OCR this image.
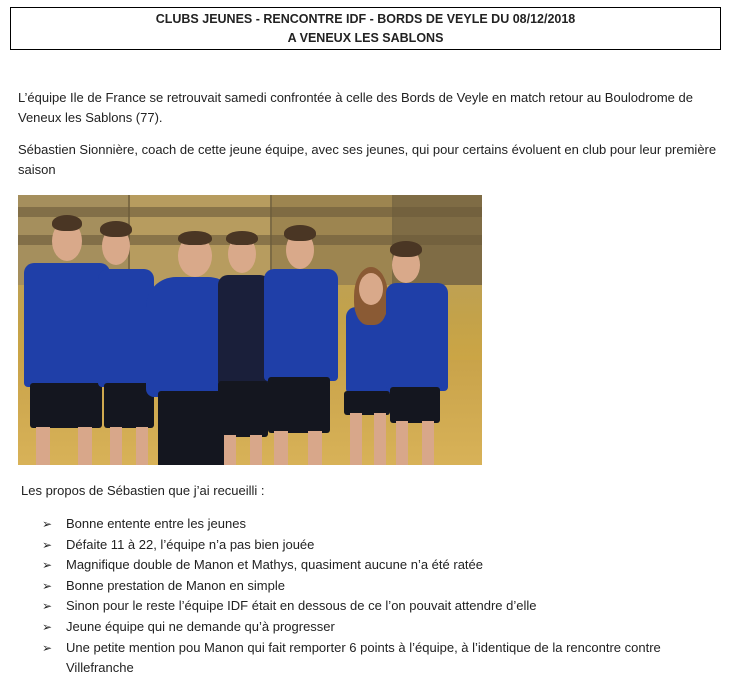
CLUBS JEUNES - RENCONTRE IDF - BORDS DE VEYLE DU 08/12/2018
A VENEUX LES SABLONS
L’équipe Ile de France se retrouvait samedi confrontée à celle des Bords de Veyle en match retour au Boulodrome de Veneux les Sablons (77).
Sébastien Sionnière, coach de cette jeune équipe, avec ses jeunes, qui pour certains évoluent en club pour leur première saison
Les propos de Sébastien que j’ai recueilli :
➢ Bonne entente entre les jeunes
➢ Défaite 11 à 22, l’équipe n’a pas bien jouée
➢ Magnifique double de Manon et Mathys, quasiment aucune n’a été ratée
➢ Bonne prestation de Manon en simple
➢ Sinon pour le reste l’équipe IDF était en dessous de ce l’on pouvait attendre d’elle
➢ Jeune équipe qui ne demande qu’à progresser
➢ Une petite mention pou Manon qui fait remporter 6 points à l’équipe, à l’identique de la rencontre contre Villefranche
